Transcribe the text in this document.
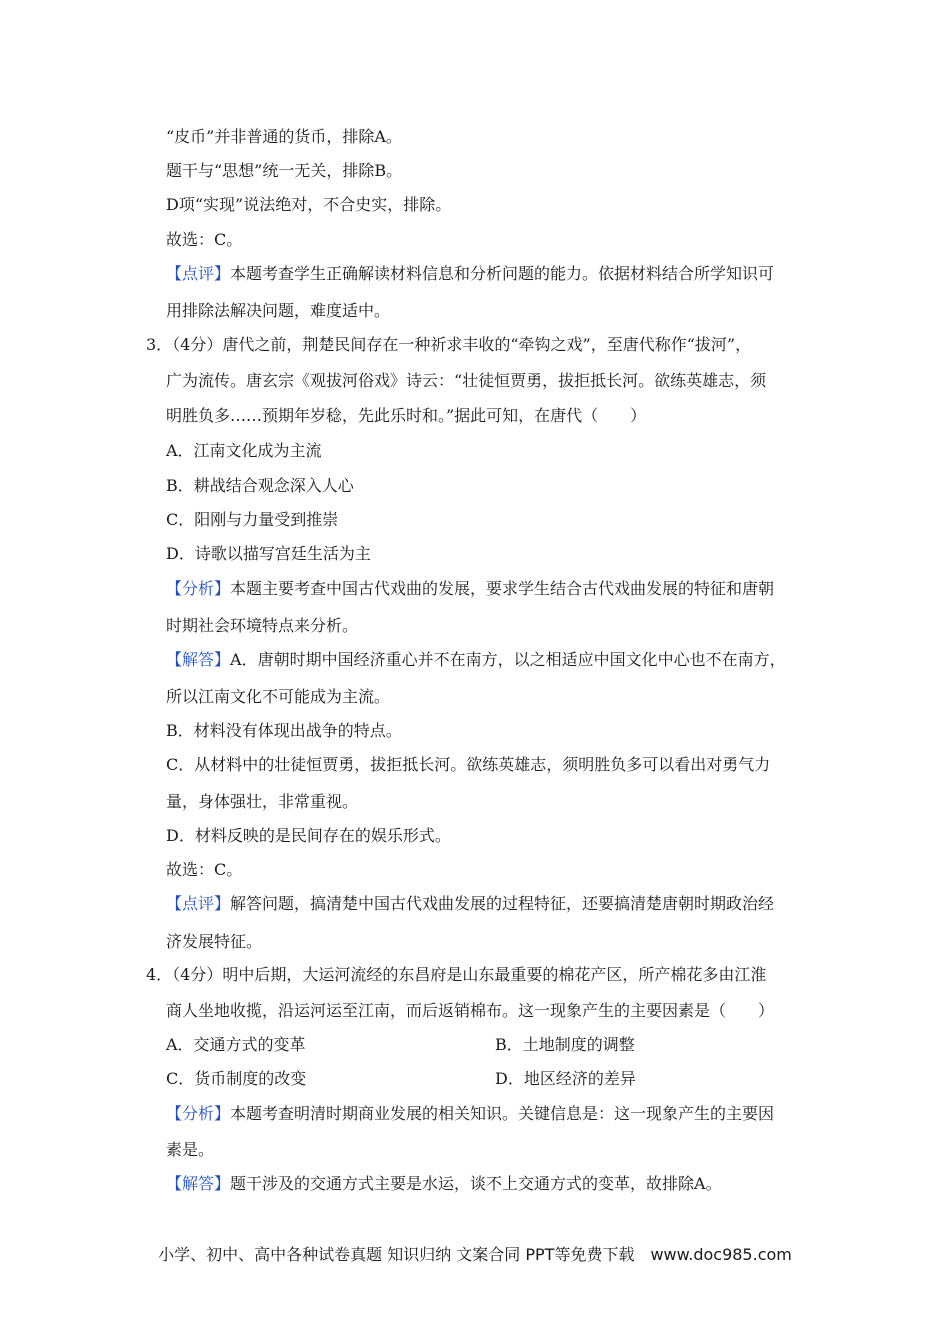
“皮币”并非普通的货币，排除A。
题干与“思想”统一无关，排除B。
D项“实现”说法绝对，不合史实，排除。
故选：C。
【点评】本题考查学生正确解读材料信息和分析问题的能力。依据材料结合所学知识可
用排除法解决问题，难度适中。
3．（4分）唐代之前，荆楚民间存在一种祈求丰收的“牵钩之戏”，至唐代称作“拔河”，
广为流传。唐玄宗《观拔河俗戏》诗云：“壮徒恒贾勇，拔拒抵长河。欲练英雄志，须
明胜负多……预期年岁稔，先此乐时和。”据此可知，在唐代（　　）
A．江南文化成为主流
B．耕战结合观念深入人心
C．阳刚与力量受到推崇
D．诗歌以描写宫廷生活为主
【分析】本题主要考查中国古代戏曲的发展，要求学生结合古代戏曲发展的特征和唐朝
时期社会环境特点来分析。
【解答】A．唐朝时期中国经济重心并不在南方，以之相适应中国文化中心也不在南方，
所以江南文化不可能成为主流。
B．材料没有体现出战争的特点。
C．从材料中的壮徒恒贾勇，拔拒抵长河。欲练英雄志，须明胜负多可以看出对勇气力
量，身体强壮，非常重视。
D．材料反映的是民间存在的娱乐形式。
故选：C。
【点评】解答问题，搞清楚中国古代戏曲发展的过程特征，还要搞清楚唐朝时期政治经
济发展特征。
4．（4分）明中后期，大运河流经的东昌府是山东最重要的棉花产区，所产棉花多由江淮
商人坐地收揽，沿运河运至江南，而后返销棉布。这一现象产生的主要因素是（　　）
A．交通方式的变革	B．土地制度的调整
C．货币制度的改变	D．地区经济的差异
【分析】本题考查明清时期商业发展的相关知识。关键信息是：这一现象产生的主要因
素是。
【解答】题干涉及的交通方式主要是水运，谈不上交通方式的变革，故排除A。
小学、初中、高中各种试卷真题 知识归纳 文案合同 PPT等免费下载　www.doc985.com
